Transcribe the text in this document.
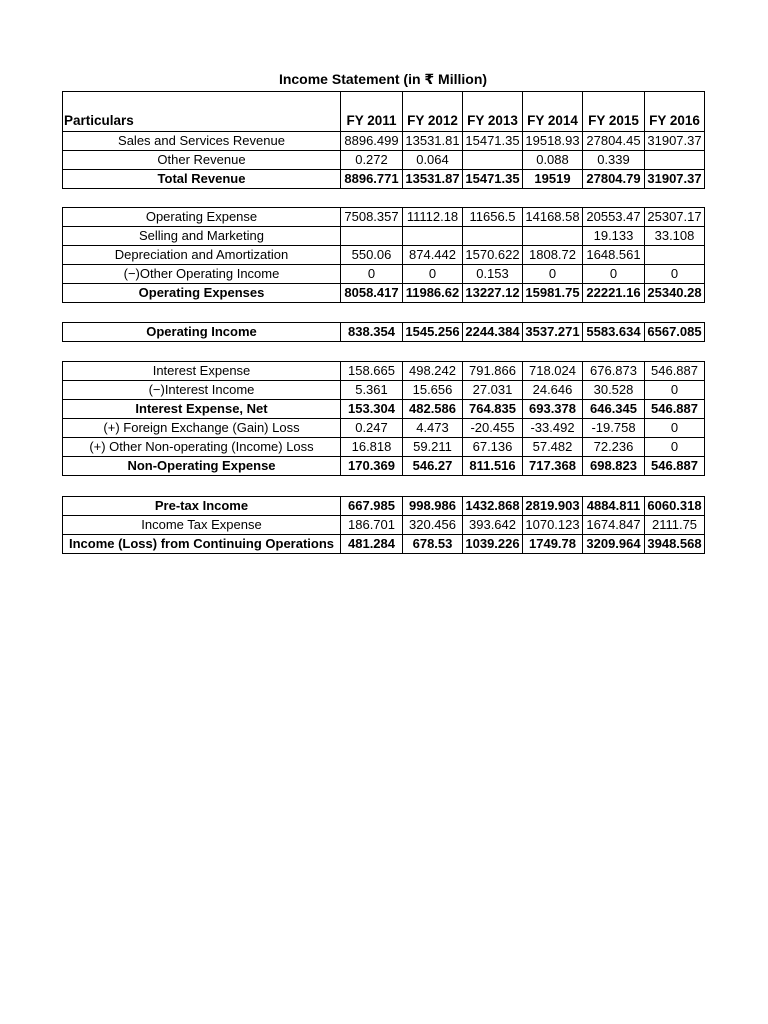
Income Statement (in ₹ Million)
Particulars	FY 2011	FY 2012	FY 2013	FY 2014	FY 2015	FY 2016
Sales and Services Revenue	8896.499	13531.81	15471.35	19518.93	27804.45	31907.37
Other Revenue	0.272	0.064		0.088	0.339	
Total Revenue	8896.771	13531.87	15471.35	19519	27804.79	31907.37
Operating Expense	7508.357	11112.18	11656.5	14168.58	20553.47	25307.17
Selling and Marketing					19.133	33.108
Depreciation and Amortization	550.06	874.442	1570.622	1808.72	1648.561	
(−)Other Operating Income	0	0	0.153	0	0	0
Operating Expenses	8058.417	11986.62	13227.12	15981.75	22221.16	25340.28
Operating Income	838.354	1545.256	2244.384	3537.271	5583.634	6567.085
Interest Expense	158.665	498.242	791.866	718.024	676.873	546.887
(−)Interest Income	5.361	15.656	27.031	24.646	30.528	0
Interest Expense, Net	153.304	482.586	764.835	693.378	646.345	546.887
(+) Foreign Exchange (Gain) Loss	0.247	4.473	-20.455	-33.492	-19.758	0
(+) Other Non-operating (Income) Loss	16.818	59.211	67.136	57.482	72.236	0
Non-Operating Expense	170.369	546.27	811.516	717.368	698.823	546.887
Pre-tax Income	667.985	998.986	1432.868	2819.903	4884.811	6060.318
Income Tax Expense	186.701	320.456	393.642	1070.123	1674.847	2111.75
Income (Loss) from Continuing Operations	481.284	678.53	1039.226	1749.78	3209.964	3948.568
